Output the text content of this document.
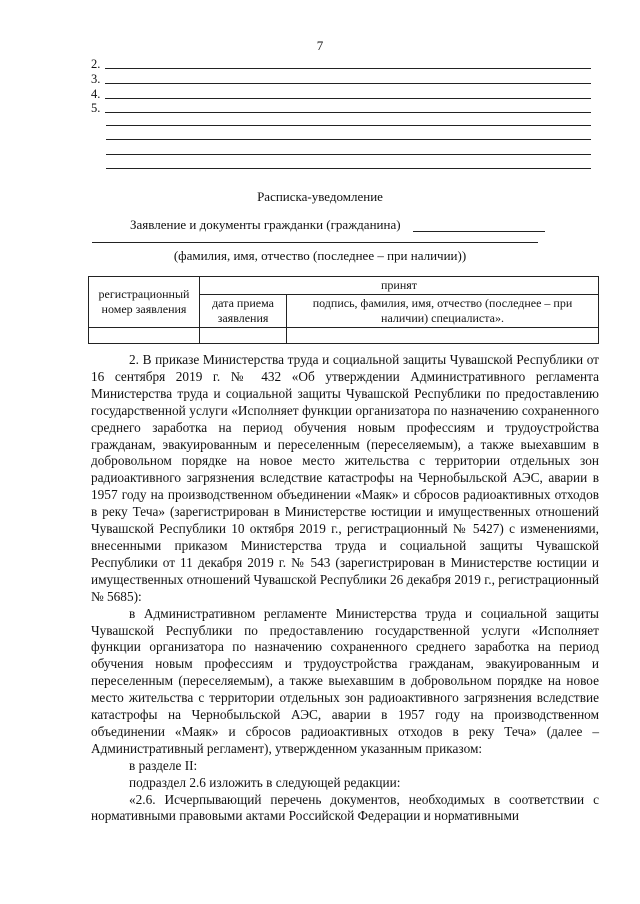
7
2.
3.
4.
5.
Расписка-уведомление
Заявление и документы гражданки (гражданина)
(фамилия, имя, отчество (последнее – при наличии))
регистрационный номер заявления	принят	
	дата приема заявления	подпись, фамилия, имя, отчество (последнее – при наличии) специалиста».

2. В приказе Министерства труда и социальной защиты Чувашской Республики от 16 сентября 2019 г. № 432 «Об утверждении Административного регламента Министерства труда и социальной защиты Чувашской Республики по предоставлению государственной услуги «Исполняет функции организатора по назначению сохраненного среднего заработка на период обучения новым профессиям и трудоустройства гражданам, эвакуированным и переселенным (переселяемым), а также выехавшим в добровольном порядке на новое место жительства с территории отдельных зон радиоактивного загрязнения вследствие катастрофы на Чернобыльской АЭС, аварии в 1957 году на производственном объединении «Маяк» и сбросов радиоактивных отходов в реку Теча» (зарегистрирован в Министерстве юстиции и имущественных отношений Чувашской Республики 10 октября 2019 г., регистрационный № 5427) с изменениями, внесенными приказом Министерства труда и социальной защиты Чувашской Республики от 11 декабря 2019 г. № 543 (зарегистрирован в Министерстве юстиции и имущественных отношений Чувашской Республики 26 декабря 2019 г., регистрационный № 5685):

в Административном регламенте Министерства труда и социальной защиты Чувашской Республики по предоставлению государственной услуги «Исполняет функции организатора по назначению сохраненного среднего заработка на период обучения новым профессиям и трудоустройства гражданам, эвакуированным и переселенным (переселяемым), а также выехавшим в добровольном порядке на новое место жительства с территории отдельных зон радиоактивного загрязнения вследствие катастрофы на Чернобыльской АЭС, аварии в 1957 году на производственном объединении «Маяк» и сбросов радиоактивных отходов в реку Теча» (далее – Административный регламент), утвержденном указанным приказом:

в разделе II:

подраздел 2.6 изложить в следующей редакции:

«2.6. Исчерпывающий перечень документов, необходимых в соответствии с нормативными правовыми актами Российской Федерации и нормативными
